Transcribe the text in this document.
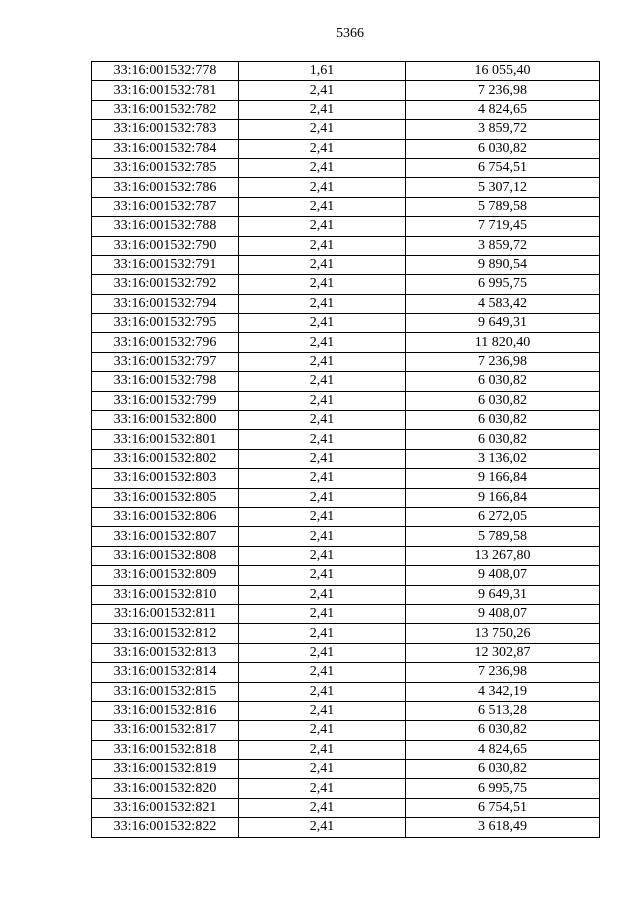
5366
33:16:001532:778	1,61	16 055,40
33:16:001532:781	2,41	7 236,98
33:16:001532:782	2,41	4 824,65
33:16:001532:783	2,41	3 859,72
33:16:001532:784	2,41	6 030,82
33:16:001532:785	2,41	6 754,51
33:16:001532:786	2,41	5 307,12
33:16:001532:787	2,41	5 789,58
33:16:001532:788	2,41	7 719,45
33:16:001532:790	2,41	3 859,72
33:16:001532:791	2,41	9 890,54
33:16:001532:792	2,41	6 995,75
33:16:001532:794	2,41	4 583,42
33:16:001532:795	2,41	9 649,31
33:16:001532:796	2,41	11 820,40
33:16:001532:797	2,41	7 236,98
33:16:001532:798	2,41	6 030,82
33:16:001532:799	2,41	6 030,82
33:16:001532:800	2,41	6 030,82
33:16:001532:801	2,41	6 030,82
33:16:001532:802	2,41	3 136,02
33:16:001532:803	2,41	9 166,84
33:16:001532:805	2,41	9 166,84
33:16:001532:806	2,41	6 272,05
33:16:001532:807	2,41	5 789,58
33:16:001532:808	2,41	13 267,80
33:16:001532:809	2,41	9 408,07
33:16:001532:810	2,41	9 649,31
33:16:001532:811	2,41	9 408,07
33:16:001532:812	2,41	13 750,26
33:16:001532:813	2,41	12 302,87
33:16:001532:814	2,41	7 236,98
33:16:001532:815	2,41	4 342,19
33:16:001532:816	2,41	6 513,28
33:16:001532:817	2,41	6 030,82
33:16:001532:818	2,41	4 824,65
33:16:001532:819	2,41	6 030,82
33:16:001532:820	2,41	6 995,75
33:16:001532:821	2,41	6 754,51
33:16:001532:822	2,41	3 618,49
